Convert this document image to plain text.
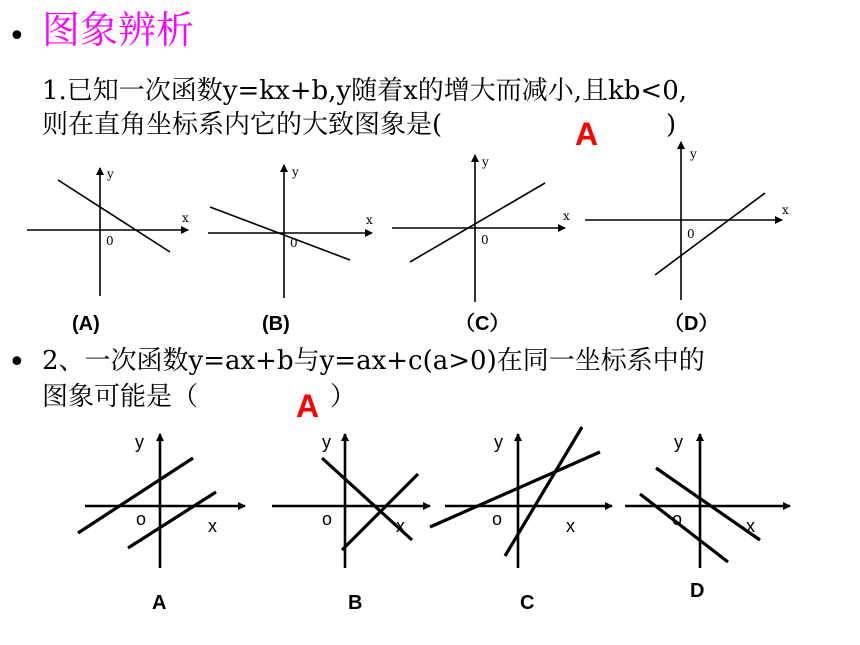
• 图象辨析
1.已知一次函数y=kx+b,y随着x的增大而减小,且kb<0,
则在直角坐标系内它的大致图象是(	A	)
• 2、一次函数y=ax+b与y=ax+c(a>0)在同一坐标系中的
图象可能是（	A ）
x
y
0
x
y
0
x
y
0
x
y
0
y
x
o
y
x
o
y
x
o
y
x
o
(A)	(B)	（C）	（D）
A	B	C
D
